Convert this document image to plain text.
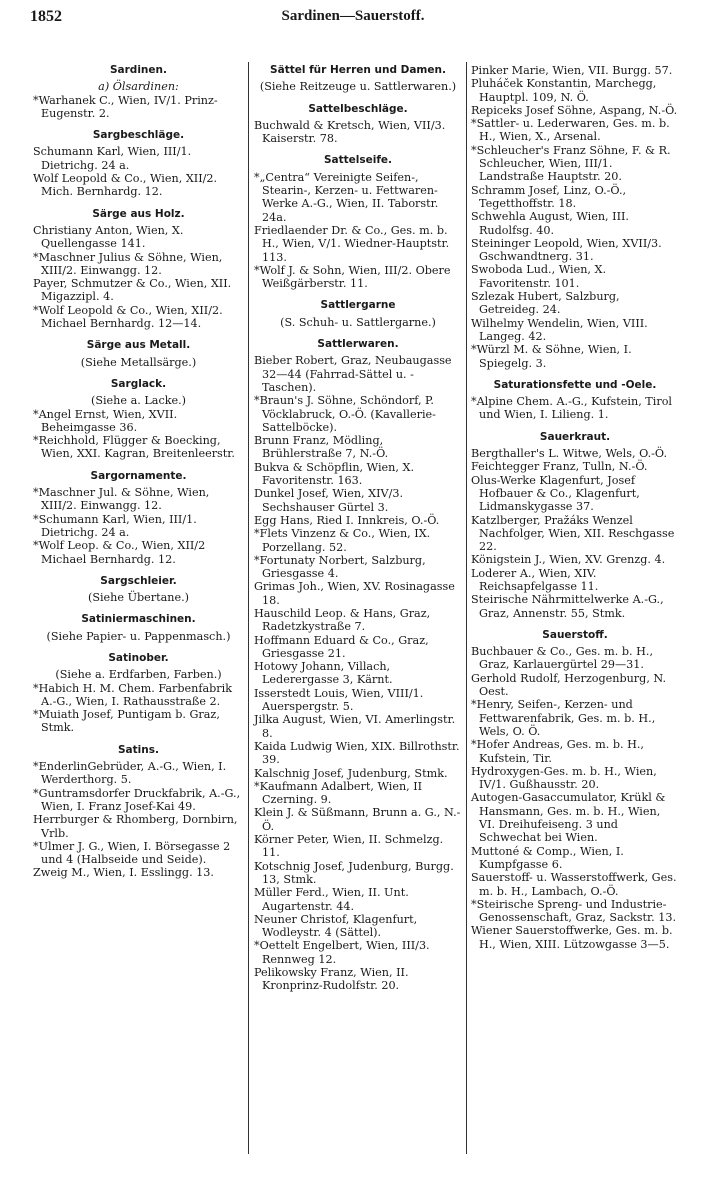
1852	Sardinen—Sauerstoff.
Sardinen.
a) Ölsardinen:
*Warhanek C., Wien, IV/1. Prinz-Eugenstr. 2.
Sargbeschläge.
Schumann Karl, Wien, III/1. Dietrichg. 24 a.
Wolf Leopold & Co., Wien, XII/2. Mich. Bernhardg. 12.
Särge aus Holz.
Christiany Anton, Wien, X. Quellengasse 141.
*Maschner Julius & Söhne, Wien, XIII/2. Einwangg. 12.
Payer, Schmutzer & Co., Wien, XII. Migazzipl. 4.
*Wolf Leopold & Co., Wien, XII/2. Michael Bernhardg. 12—14.
Särge aus Metall.
(Siehe Metallsärge.)
Sarglack.
(Siehe a. Lacke.)
*Angel Ernst, Wien, XVII. Beheimgasse 36.
*Reichhold, Flügger & Boecking, Wien, XXI. Kagran, Breitenleerstr.
Sargornamente.
*Maschner Jul. & Söhne, Wien, XIII/2. Einwangg. 12.
*Schumann Karl, Wien, III/1. Dietrichg. 24 a.
*Wolf Leop. & Co., Wien, XII/2 Michael Bernhardg. 12.
Sargschleier.
(Siehe Übertane.)
Satiniermaschinen.
(Siehe Papier- u. Pappenmasch.)
Satinober.
(Siehe a. Erdfarben, Farben.)
*Habich H. M. Chem. Farbenfabrik A.-G., Wien, I. Rathausstraße 2.
*Muiath Josef, Puntigam b. Graz, Stmk.
Satins.
*EnderlinGebrüder, A.-G., Wien, I. Werderthorg. 5.
*Guntramsdorfer Druckfabrik, A.-G., Wien, I. Franz Josef-Kai 49.
Herrburger & Rhomberg, Dornbirn, Vrlb.
*Ulmer J. G., Wien, I. Börsegasse 2 und 4 (Halbseide und Seide).
Zweig M., Wien, I. Esslingg. 13.
Sättel für Herren und Damen.
(Siehe Reitzeuge u. Sattlerwaren.)
Sattelbeschläge.
Buchwald & Kretsch, Wien, VII/3. Kaiserstr. 78.
Sattelseife.
*„Centra“ Vereinigte Seifen-, Stearin-, Kerzen- u. Fettwaren-Werke A.-G., Wien, II. Taborstr. 24a.
Friedlaender Dr. & Co., Ges. m. b. H., Wien, V/1. Wiedner-Hauptstr. 113.
*Wolf J. & Sohn, Wien, III/2. Obere Weißgärberstr. 11.
Sattlergarne
(S. Schuh- u. Sattlergarne.)
Sattlerwaren.
Bieber Robert, Graz, Neubaugasse 32—44 (Fahrrad-Sättel u. -Taschen).
*Braun's J. Söhne, Schöndorf, P. Vöcklabruck, O.-Ö. (Kavallerie-Sattelböcke).
Brunn Franz, Mödling, Brühlerstraße 7, N.-Ö.
Bukva & Schöpflin, Wien, X. Favoritenstr. 163.
Dunkel Josef, Wien, XIV/3. Sechshauser Gürtel 3.
Egg Hans, Ried I. Innkreis, O.-Ö.
*Flets Vinzenz & Co., Wien, IX. Porzellang. 52.
*Fortunaty Norbert, Salzburg, Griesgasse 4.
Grimas Joh., Wien, XV. Rosinagasse 18.
Hauschild Leop. & Hans, Graz, Radetzkystraße 7.
Hoffmann Eduard & Co., Graz, Griesgasse 21.
Hotowy Johann, Villach, Lederergasse 3, Kärnt.
Isserstedt Louis, Wien, VIII/1. Auerspergstr. 5.
Jilka August, Wien, VI. Amerlingstr. 8.
Kaida Ludwig Wien, XIX. Billrothstr. 39.
Kalschnig Josef, Judenburg, Stmk.
*Kaufmann Adalbert, Wien, II Czerning. 9.
Klein J. & Süßmann, Brunn a. G., N.-Ö.
Körner Peter, Wien, II. Schmelzg. 11.
Kotschnig Josef, Judenburg, Burgg. 13, Stmk.
Müller Ferd., Wien, II. Unt. Augartenstr. 44.
Neuner Christof, Klagenfurt, Wodleystr. 4 (Sättel).
*Oettelt Engelbert, Wien, III/3. Rennweg 12.
Pelikowsky Franz, Wien, II. Kronprinz-Rudolfstr. 20.
Pinker Marie, Wien, VII. Burgg. 57.
Pluháček Konstantin, Marchegg, Hauptpl. 109, N. Ö.
Repiceks Josef Söhne, Aspang, N.-Ö.
*Sattler- u. Lederwaren, Ges. m. b. H., Wien, X., Arsenal.
*Schleucher's Franz Söhne, F. & R. Schleucher, Wien, III/1. Landstraße Hauptstr. 20.
Schramm Josef, Linz, O.-Ö., Tegetthoffstr. 18.
Schwehla August, Wien, III. Rudolfsg. 40.
Steininger Leopold, Wien, XVII/3. Gschwandtnerg. 31.
Swoboda Lud., Wien, X. Favoritenstr. 101.
Szlezak Hubert, Salzburg, Getreideg. 24.
Wilhelmy Wendelin, Wien, VIII. Langeg. 42.
*Würzl M. & Söhne, Wien, I. Spiegelg. 3.
Saturationsfette und -Oele.
*Alpine Chem. A.-G., Kufstein, Tirol und Wien, I. Lilieng. 1.
Sauerkraut.
Bergthaller's L. Witwe, Wels, O.-Ö.
Feichtegger Franz, Tulln, N.-Ö.
Olus-Werke Klagenfurt, Josef Hofbauer & Co., Klagenfurt, Lidmanskygasse 37.
Katzlberger, Pražáks Wenzel Nachfolger, Wien, XII. Reschgasse 22.
Königstein J., Wien, XV. Grenzg. 4.
Loderer A., Wien, XIV. Reichsapfelgasse 11.
Steirische Nährmittelwerke A.-G., Graz, Annenstr. 55, Stmk.
Sauerstoff.
Buchbauer & Co., Ges. m. b. H., Graz, Karlauergürtel 29—31.
Gerhold Rudolf, Herzogenburg, N. Oest.
*Henry, Seifen-, Kerzen- und Fettwarenfabrik, Ges. m. b. H., Wels, O. Ö.
*Hofer Andreas, Ges. m. b. H., Kufstein, Tir.
Hydroxygen-Ges. m. b. H., Wien, IV/1. Gußhausstr. 20.
Autogen-Gasaccumulator, Krükl & Hansmann, Ges. m. b. H., Wien, VI. Dreihufeiseng. 3 und Schwechat bei Wien.
Muttoné & Comp., Wien, I. Kumpfgasse 6.
Sauerstoff- u. Wasserstoffwerk, Ges. m. b. H., Lambach, O.-Ö.
*Steirische Spreng- und Industrie-Genossenschaft, Graz, Sackstr. 13.
Wiener Sauerstoffwerke, Ges. m. b. H., Wien, XIII. Lützowgasse 3—5.
